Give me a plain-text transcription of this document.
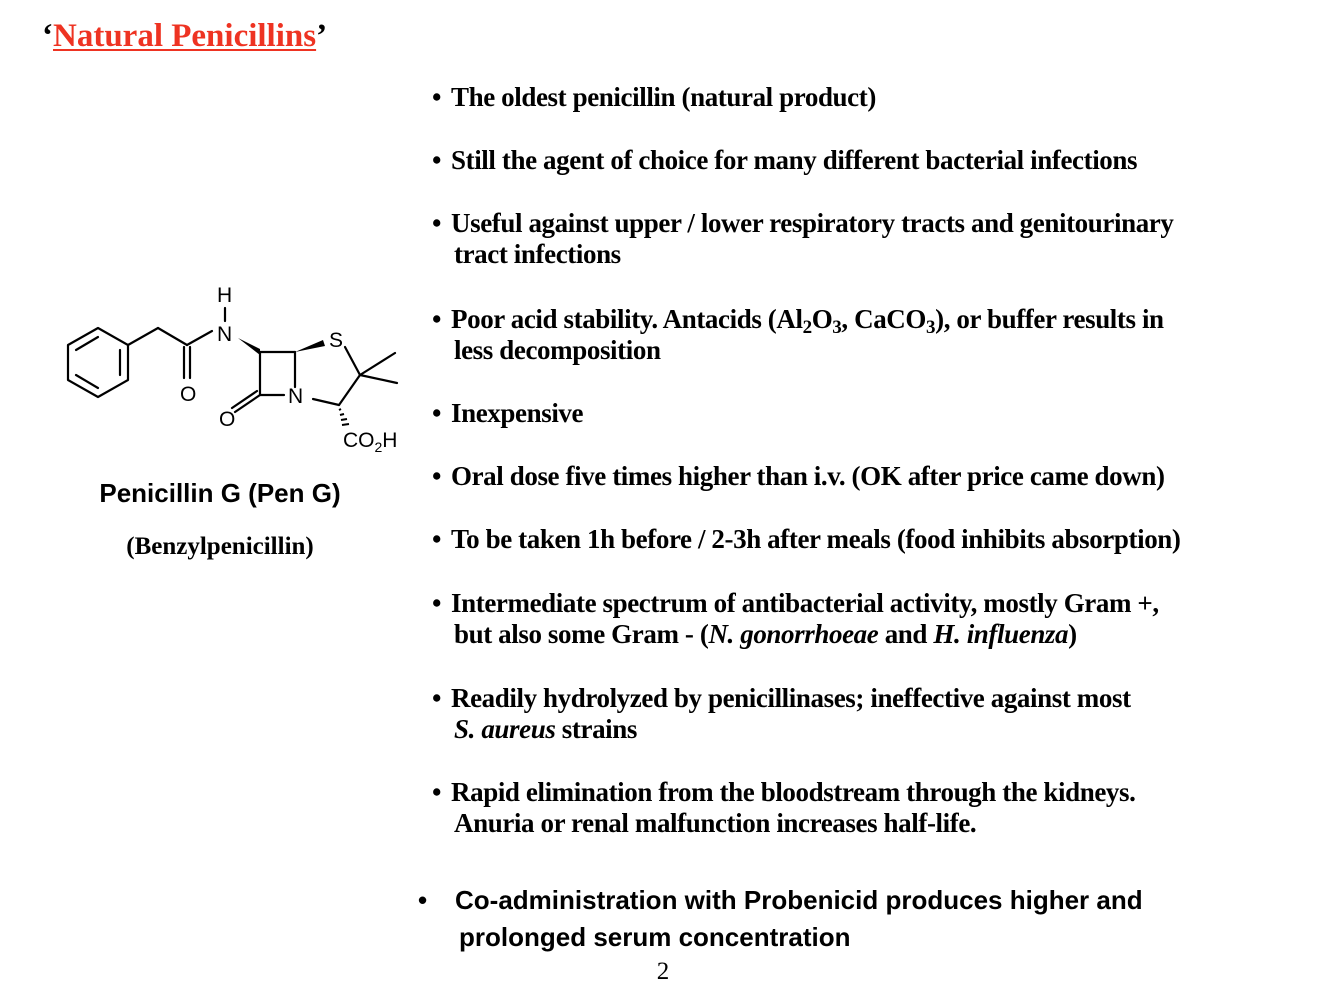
‘Natural Penicillins’
H
N
O
S
N
O
CO2H
Penicillin G (Pen G)
(Benzylpenicillin)
• The oldest penicillin (natural product)
• Still the agent of choice for many different bacterial infections
• Useful against upper / lower respiratory tracts and genitourinary
tract infections
• Poor acid stability. Antacids ($Al_2O_3$, CaCO$_3$), or buffer results in
less decomposition
• Inexpensive
• Oral dose five times higher than i.v. (OK after price came down)
• To be taken 1h before / 2-3h after meals (food inhibits absorption)
• Intermediate spectrum of antibacterial activity, mostly Gram +,
but also some Gram - (N. gonorrhoeae and H. influenza)
• Readily hydrolyzed by penicillinases; ineffective against most
S. aureus strains
• Rapid elimination from the bloodstream through the kidneys.
Anuria or renal malfunction increases half-life.
• Co-administration with Probenicid produces higher and
prolonged serum concentration
2
